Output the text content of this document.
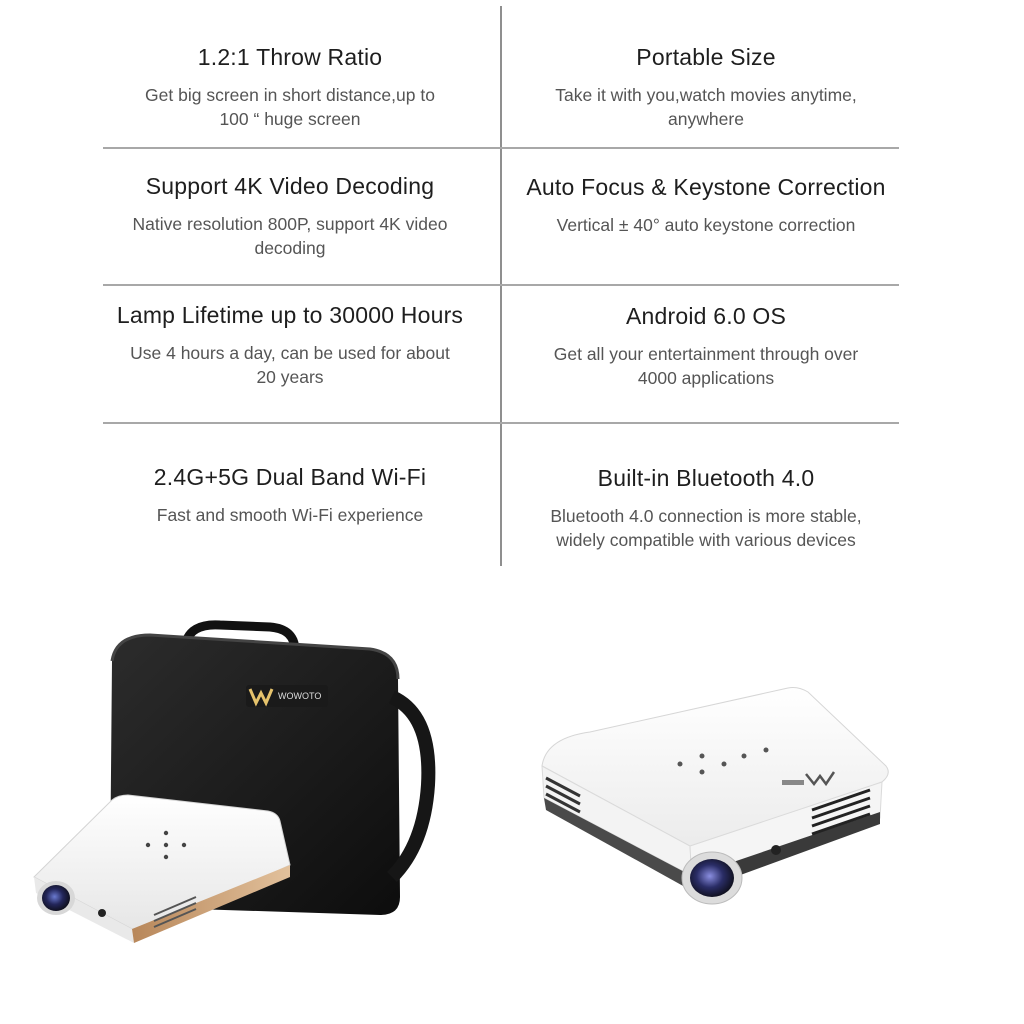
1.2:1 Throw Ratio

Get big screen in short distance,up to
100 “ huge screen

Portable Size

Take it with you,watch movies anytime,
anywhere

Support 4K Video Decoding

Native resolution 800P, support 4K video
decoding

Auto Focus & Keystone Correction

Vertical ± 40° auto keystone correction

Lamp Lifetime up to 30000 Hours

Use 4 hours a day, can be used for about
20 years

Android 6.0 OS

Get all your entertainment through over
4000 applications

2.4G+5G Dual Band Wi-Fi

Fast and smooth Wi-Fi experience

Built-in Bluetooth 4.0

Bluetooth 4.0 connection is more stable,
widely compatible with various devices

WOWOTO
